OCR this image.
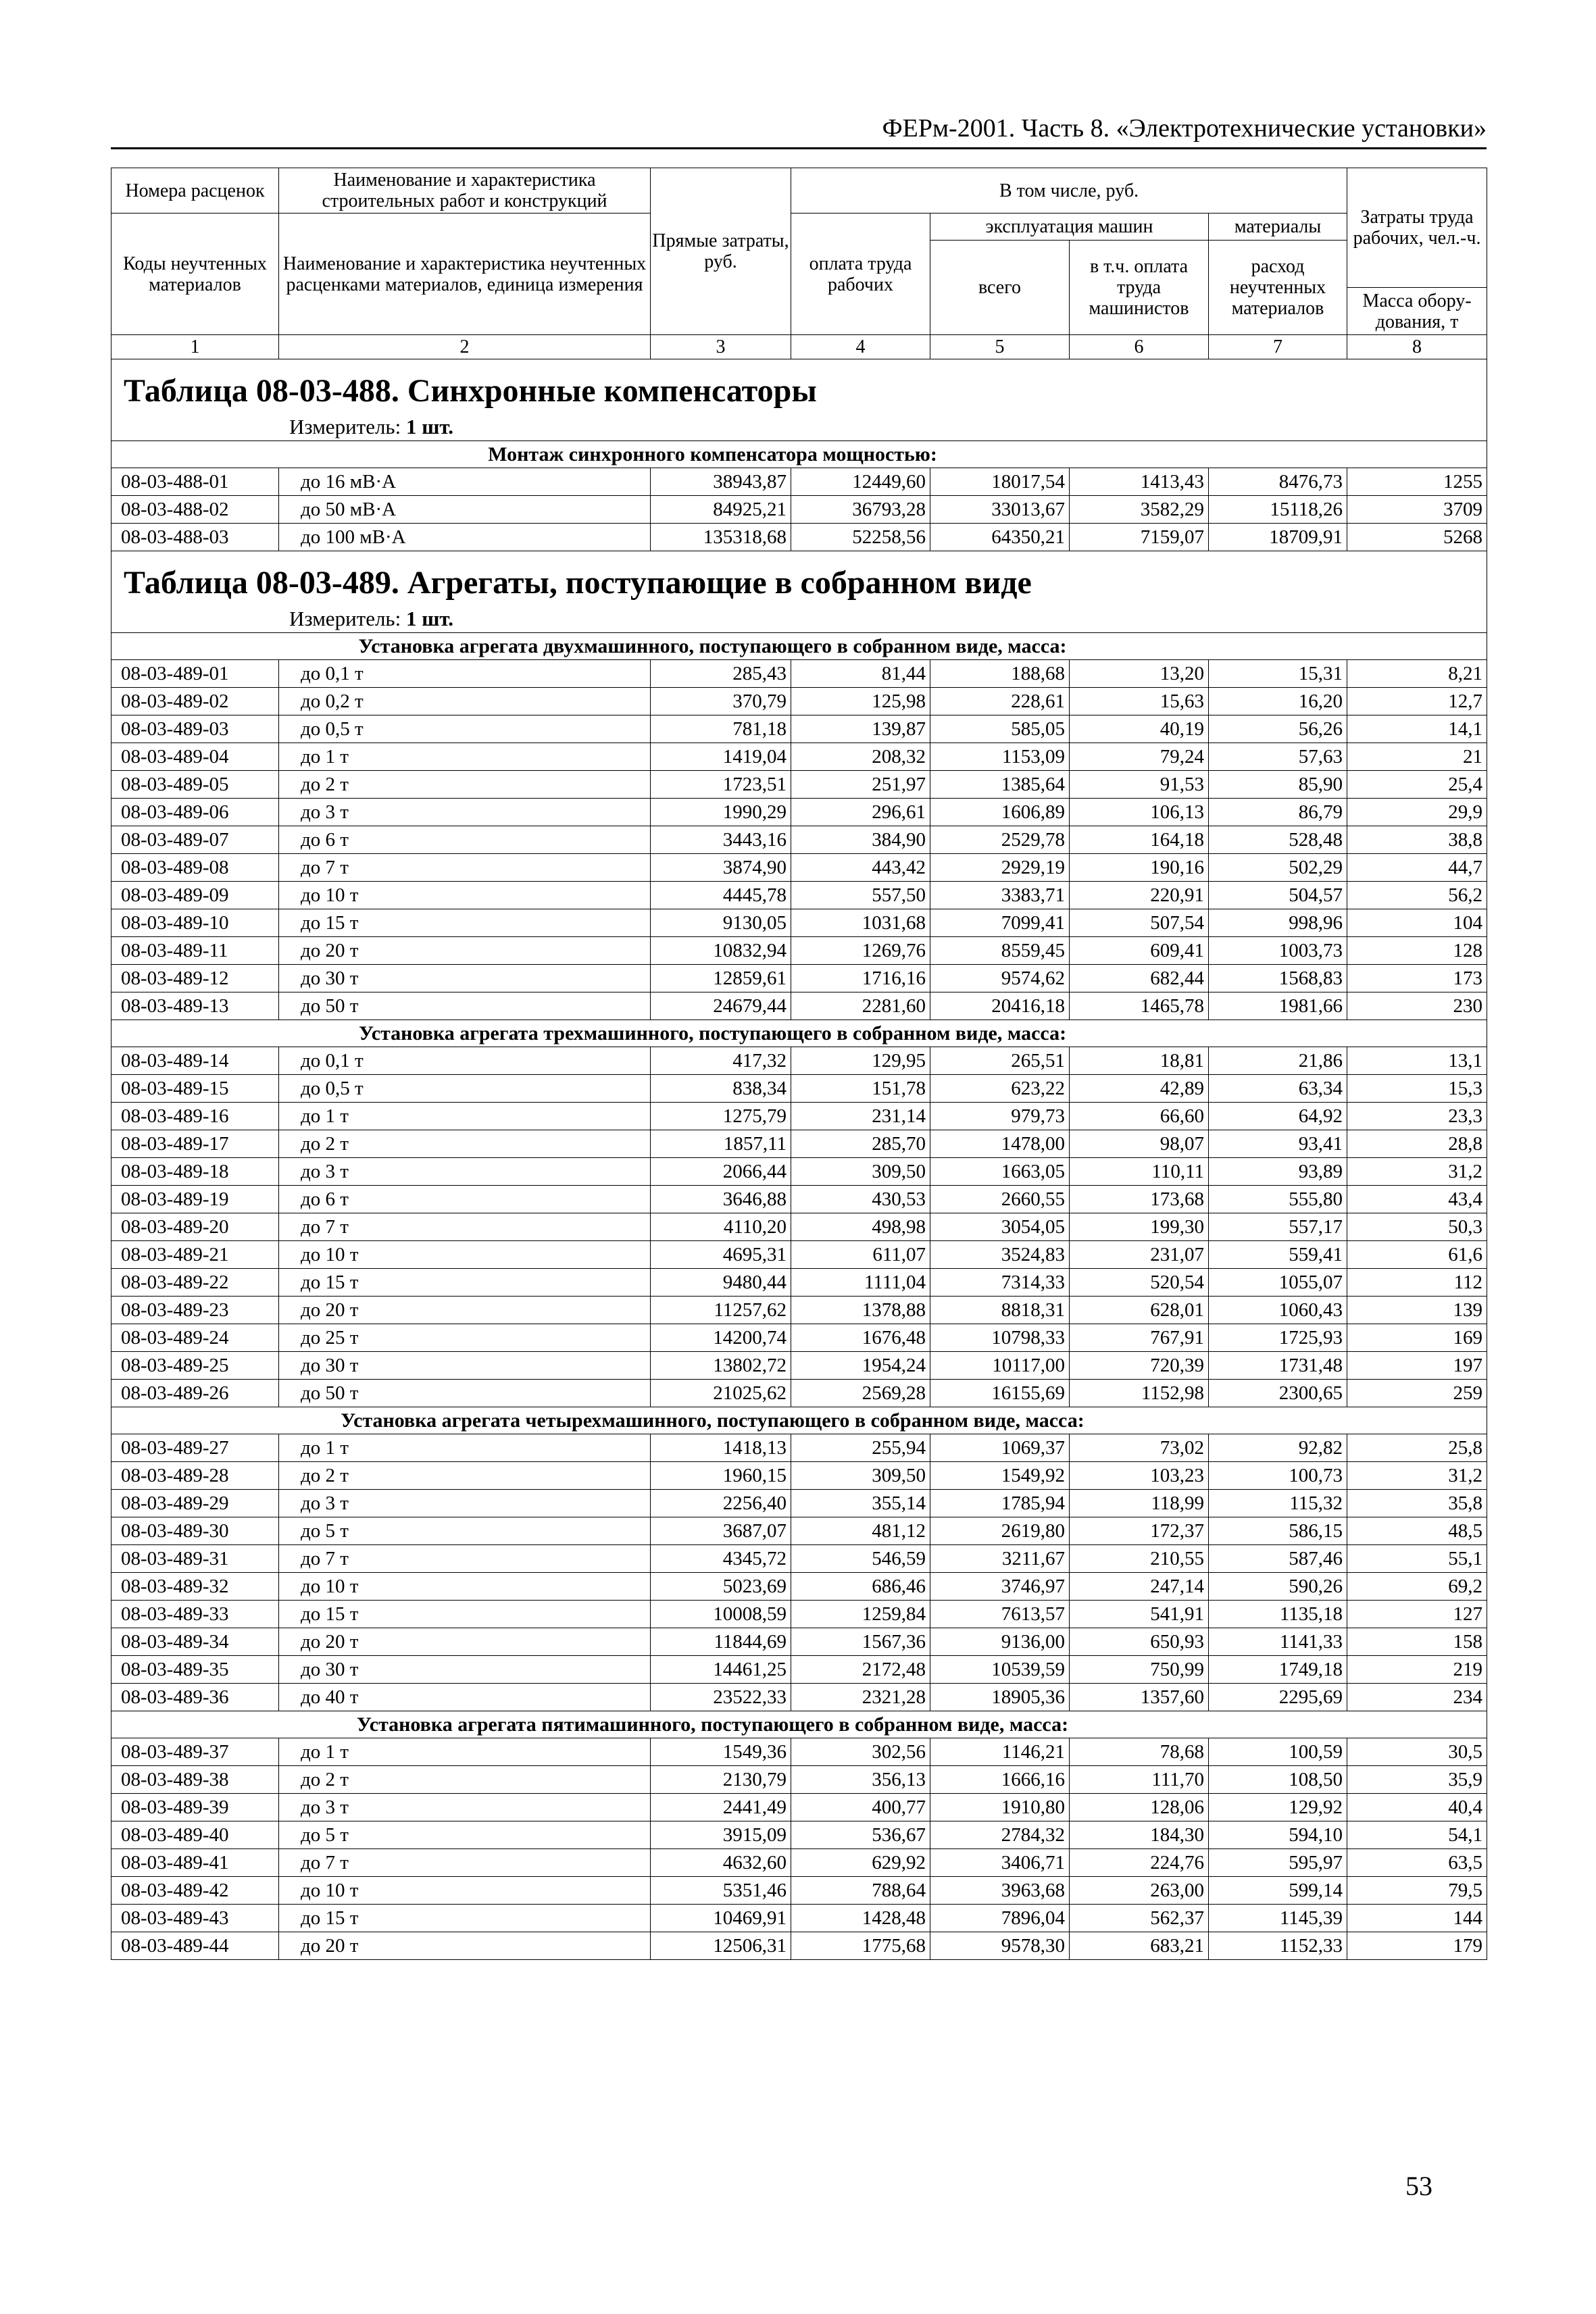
ФЕРм-2001. Часть 8. «Электротехнические установки»
Номера расценок	Наименование и характеристика строительных работ и конструкций	Прямые затраты, руб.	В том числе, руб.				Затраты труда рабочих, чел.-ч.
Коды неучтенных материалов	Наименование и характеристика неучтенных расценками материалов, единица измерения		оплата труда рабочих	эксплуатация машин		материалы	
				всего	в т.ч. оплата труда машинистов	расход неучтенных материалов	
							Масса обору-дования, т
1	2	3	4	5	6	7	8

Таблица 08-03-488. Синхронные компенсаторы
Измеритель: 1 шт.							

Монтаж синхронного компенсатора мощностью:							
08-03-488-01	до 16 мВ·А	38943,87	12449,60	18017,54	1413,43	8476,73	1255
08-03-488-02	до 50 мВ·А	84925,21	36793,28	33013,67	3582,29	15118,26	3709
08-03-488-03	до 100 мВ·А	135318,68	52258,56	64350,21	7159,07	18709,91	5268

Таблица 08-03-489. Агрегаты, поступающие в собранном виде
Измеритель: 1 шт.							

Установка агрегата двухмашинного, поступающего в собранном виде, масса:							
08-03-489-01	до 0,1 т	285,43	81,44	188,68	13,20	15,31	8,21
08-03-489-02	до 0,2 т	370,79	125,98	228,61	15,63	16,20	12,7
08-03-489-03	до 0,5 т	781,18	139,87	585,05	40,19	56,26	14,1
08-03-489-04	до 1 т	1419,04	208,32	1153,09	79,24	57,63	21
08-03-489-05	до 2 т	1723,51	251,97	1385,64	91,53	85,90	25,4
08-03-489-06	до 3 т	1990,29	296,61	1606,89	106,13	86,79	29,9
08-03-489-07	до 6 т	3443,16	384,90	2529,78	164,18	528,48	38,8
08-03-489-08	до 7 т	3874,90	443,42	2929,19	190,16	502,29	44,7
08-03-489-09	до 10 т	4445,78	557,50	3383,71	220,91	504,57	56,2
08-03-489-10	до 15 т	9130,05	1031,68	7099,41	507,54	998,96	104
08-03-489-11	до 20 т	10832,94	1269,76	8559,45	609,41	1003,73	128
08-03-489-12	до 30 т	12859,61	1716,16	9574,62	682,44	1568,83	173
08-03-489-13	до 50 т	24679,44	2281,60	20416,18	1465,78	1981,66	230
Установка агрегата трехмашинного, поступающего в собранном виде, масса:							
08-03-489-14	до 0,1 т	417,32	129,95	265,51	18,81	21,86	13,1
08-03-489-15	до 0,5 т	838,34	151,78	623,22	42,89	63,34	15,3
08-03-489-16	до 1 т	1275,79	231,14	979,73	66,60	64,92	23,3
08-03-489-17	до 2 т	1857,11	285,70	1478,00	98,07	93,41	28,8
08-03-489-18	до 3 т	2066,44	309,50	1663,05	110,11	93,89	31,2
08-03-489-19	до 6 т	3646,88	430,53	2660,55	173,68	555,80	43,4
08-03-489-20	до 7 т	4110,20	498,98	3054,05	199,30	557,17	50,3
08-03-489-21	до 10 т	4695,31	611,07	3524,83	231,07	559,41	61,6
08-03-489-22	до 15 т	9480,44	1111,04	7314,33	520,54	1055,07	112
08-03-489-23	до 20 т	11257,62	1378,88	8818,31	628,01	1060,43	139
08-03-489-24	до 25 т	14200,74	1676,48	10798,33	767,91	1725,93	169
08-03-489-25	до 30 т	13802,72	1954,24	10117,00	720,39	1731,48	197
08-03-489-26	до 50 т	21025,62	2569,28	16155,69	1152,98	2300,65	259
Установка агрегата четырехмашинного, поступающего в собранном виде, масса:							
08-03-489-27	до 1 т	1418,13	255,94	1069,37	73,02	92,82	25,8
08-03-489-28	до 2 т	1960,15	309,50	1549,92	103,23	100,73	31,2
08-03-489-29	до 3 т	2256,40	355,14	1785,94	118,99	115,32	35,8
08-03-489-30	до 5 т	3687,07	481,12	2619,80	172,37	586,15	48,5
08-03-489-31	до 7 т	4345,72	546,59	3211,67	210,55	587,46	55,1
08-03-489-32	до 10 т	5023,69	686,46	3746,97	247,14	590,26	69,2
08-03-489-33	до 15 т	10008,59	1259,84	7613,57	541,91	1135,18	127
08-03-489-34	до 20 т	11844,69	1567,36	9136,00	650,93	1141,33	158
08-03-489-35	до 30 т	14461,25	2172,48	10539,59	750,99	1749,18	219
08-03-489-36	до 40 т	23522,33	2321,28	18905,36	1357,60	2295,69	234
Установка агрегата пятимашинного, поступающего в собранном виде, масса:							
08-03-489-37	до 1 т	1549,36	302,56	1146,21	78,68	100,59	30,5
08-03-489-38	до 2 т	2130,79	356,13	1666,16	111,70	108,50	35,9
08-03-489-39	до 3 т	2441,49	400,77	1910,80	128,06	129,92	40,4
08-03-489-40	до 5 т	3915,09	536,67	2784,32	184,30	594,10	54,1
08-03-489-41	до 7 т	4632,60	629,92	3406,71	224,76	595,97	63,5
08-03-489-42	до 10 т	5351,46	788,64	3963,68	263,00	599,14	79,5
08-03-489-43	до 15 т	10469,91	1428,48	7896,04	562,37	1145,39	144
08-03-489-44	до 20 т	12506,31	1775,68	9578,30	683,21	1152,33	179
53
